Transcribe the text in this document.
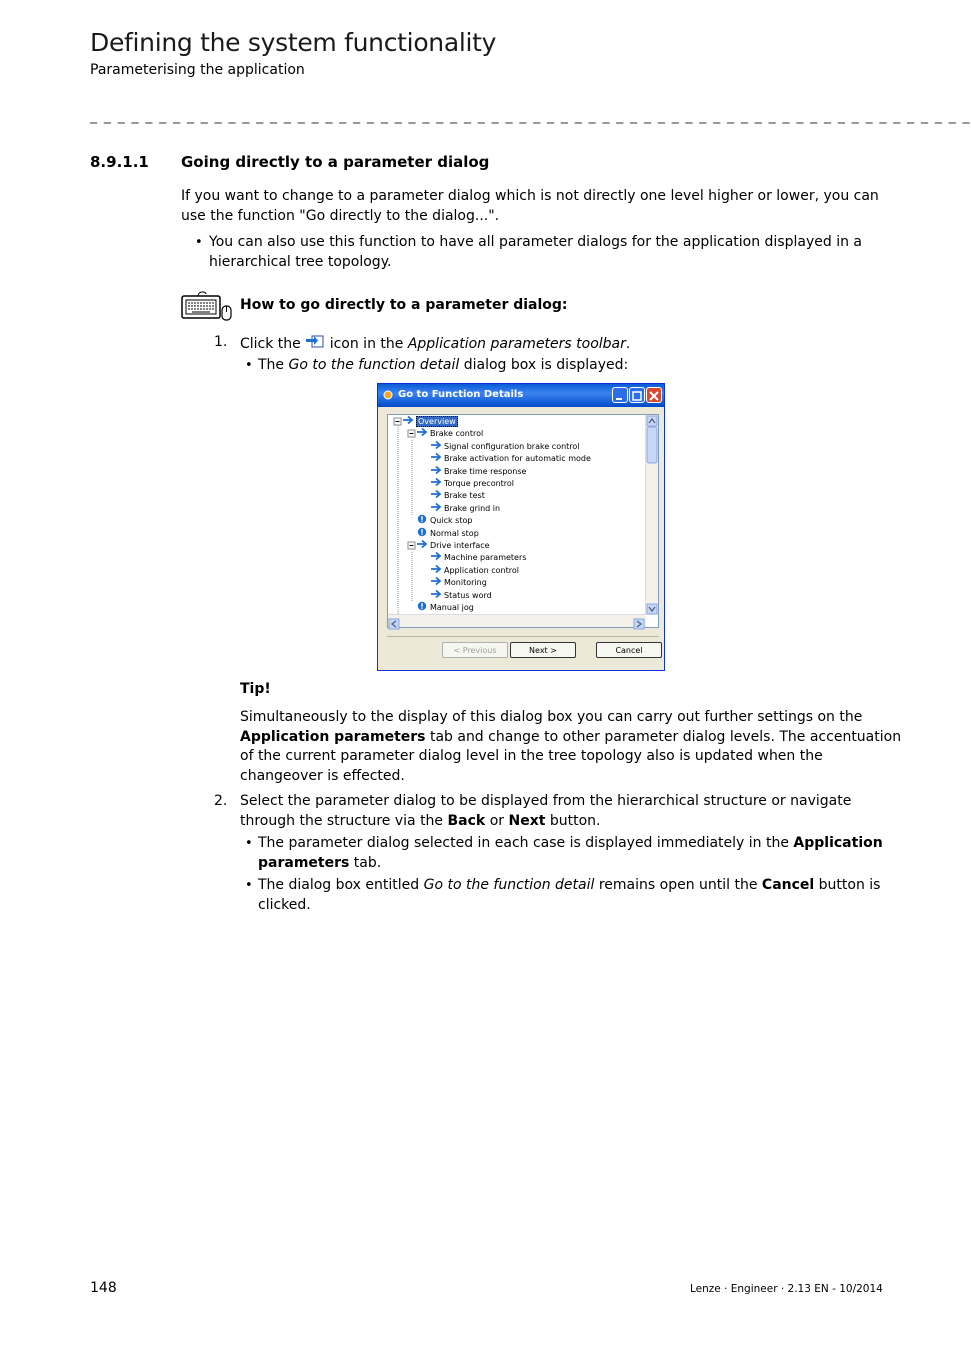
Defining the system functionality
Parameterising the application
_ _ _ _ _ _ _ _ _ _ _ _ _ _ _ _ _ _ _ _ _ _ _ _ _ _ _ _ _ _ _ _ _ _ _ _ _ _ _ _ _ _ _ _ _ _ _ _ _ _ _ _ _ _ _ _ _ _ _ _ _ _ _ _
8.9.1.1 Going directly to a parameter dialog
If you want to change to a parameter dialog which is not directly one level higher or lower, you can
use the function "Go directly to the dialog...".
• You can also use this function to have all parameter dialogs for the application displayed in a
hierarchical tree topology.
How to go directly to a parameter dialog:
1. Click the icon in the Application parameters toolbar.
• The Go to the function detail dialog box is displayed:
Go to Function Details
Overview
Brake control
Signal configuration brake control
Brake activation for automatic mode
Brake time response
Torque precontrol
Brake test
Brake grind in
Quick stop
Normal stop
Drive interface
Machine parameters
Application control
Monitoring
Status word
Manual jog
< Previous	Next >	Cancel
Tip!
Simultaneously to the display of this dialog box you can carry out further settings on the
Application parameters tab and change to other parameter dialog levels. The accentuation
of the current parameter dialog level in the tree topology also is updated when the
changeover is effected.
2. Select the parameter dialog to be displayed from the hierarchical structure or navigate
through the structure via the Back or Next button.
• The parameter dialog selected in each case is displayed immediately in the Application
parameters tab.
• The dialog box entitled Go to the function detail remains open until the Cancel button is
clicked.
148	Lenze · Engineer · 2.13 EN - 10/2014
